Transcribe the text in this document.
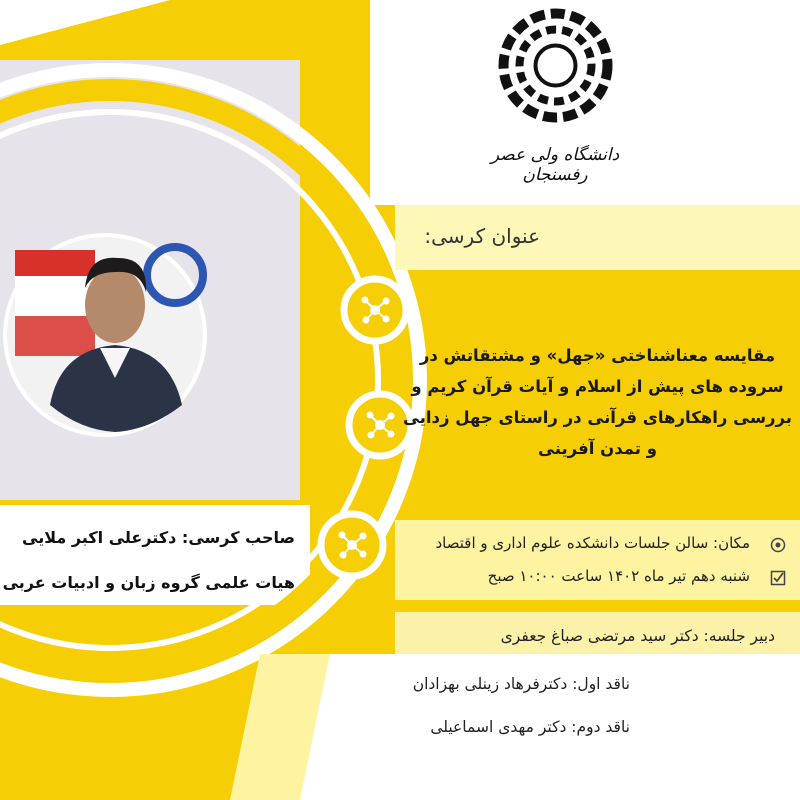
دانشگاه ولی عصر رفسنجان
عنوان کرسی:
مقایسه معناشناختی «جهل» و مشتقاتش در سروده های پیش از اسلام و آیات قرآن کریم و بررسی راهکارهای قرآنی در راستای جهل زدایی و تمدن آفرینی
مکان: سالن جلسات دانشکده علوم اداری و اقتصاد
شنبه دهم تیر ماه ۱۴۰۲ ساعت ۱۰:۰۰ صبح
دبیر جلسه: دکتر سید مرتضی صباغ جعفری
ناقد اول: دکترفرهاد زینلی بهزادان
ناقد دوم: دکتر مهدی اسماعیلی
صاحب کرسی: دکترعلی اکبر ملایی
هیات علمی گروه زبان و ادبیات عربی
